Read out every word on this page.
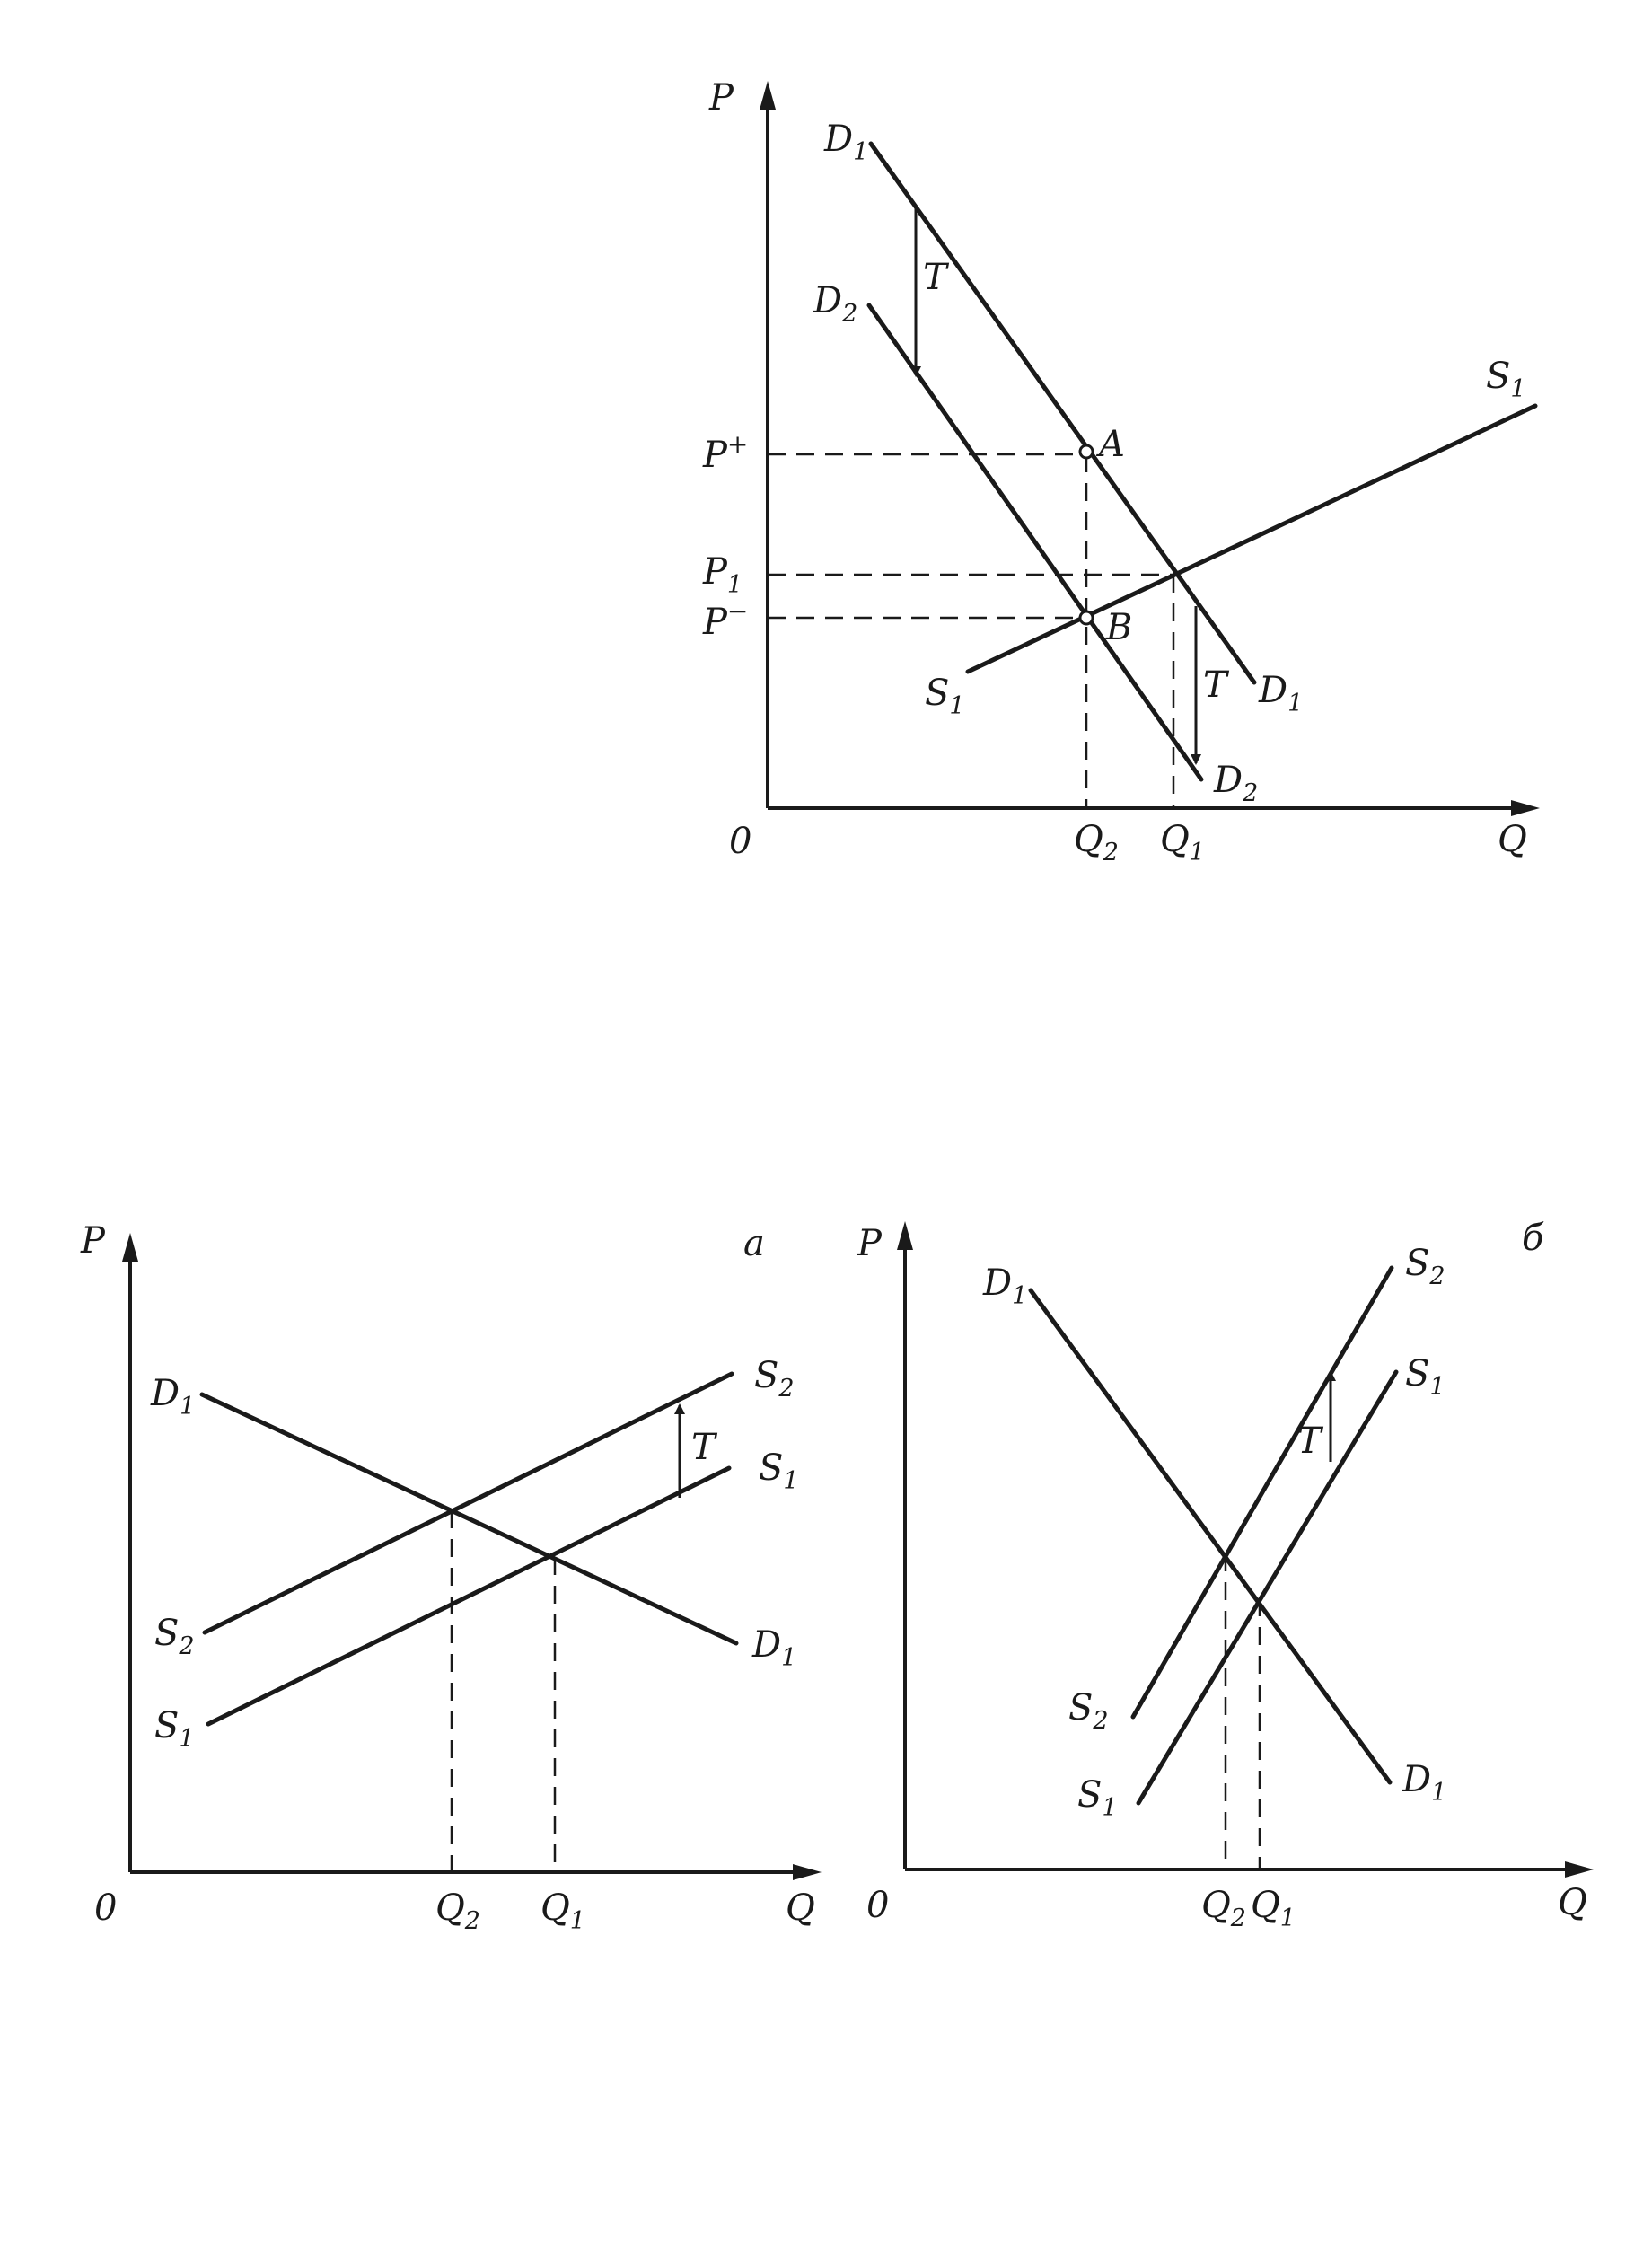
P
Q
0
$D_1$
$D_2$
$S_1$
$S_1$	$D_1$
$D_2$
T
T
A
B
P+
$P_1$
P−
$Q_2$ $Q_1$
P
Q
0
а
$D_1$
$D_1$
$S_2$
$S_1$
$S_2$
$S_1$
T
$Q_2$ $Q_1$
P
Q
0
б
$D_1$
$D_1$
$S_2$
$S_1$
$S_2$
$S_1$
T
$Q_2$ $Q_1$
